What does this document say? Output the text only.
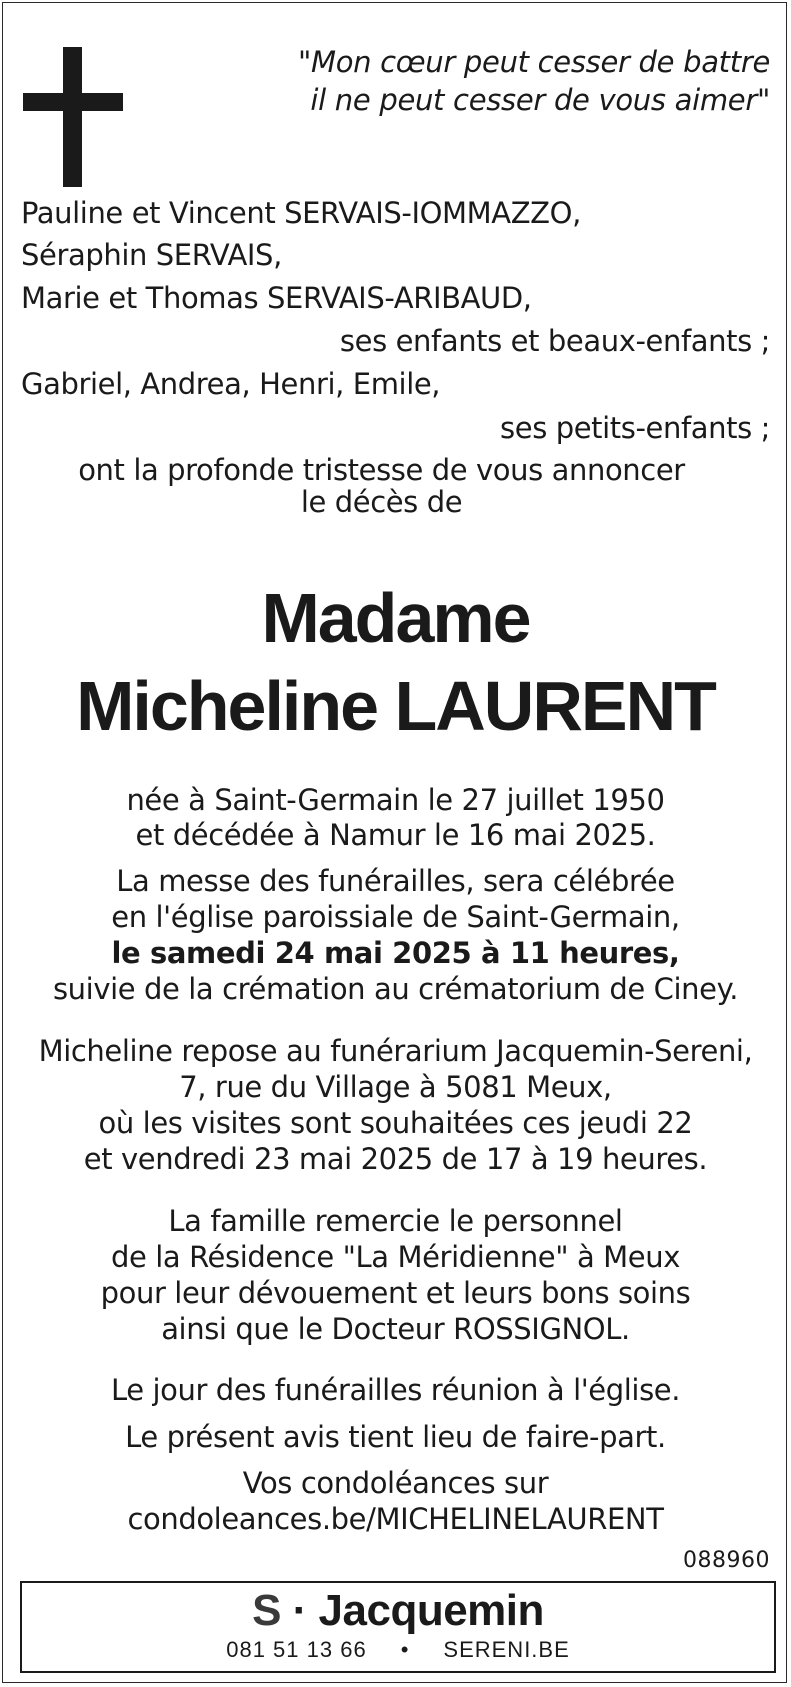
"Mon cœur peut cesser de battre
il ne peut cesser de vous aimer"
Pauline et Vincent SERVAIS-IOMMAZZO,
Séraphin SERVAIS,
Marie et Thomas SERVAIS-ARIBAUD,
ses enfants et beaux-enfants ;
Gabriel, Andrea, Henri, Emile,
ses petits-enfants ;
ont la profonde tristesse de vous annoncer
le décès de
Madame
Micheline LAURENT
née à Saint-Germain le 27 juillet 1950
et décédée à Namur le 16 mai 2025.
La messe des funérailles, sera célébrée
en l'église paroissiale de Saint-Germain,
le samedi 24 mai 2025 à 11 heures,
suivie de la crémation au crématorium de Ciney.
Micheline repose au funérarium Jacquemin-Sereni,
7, rue du Village à 5081 Meux,
où les visites sont souhaitées ces jeudi 22
et vendredi 23 mai 2025 de 17 à 19 heures.
La famille remercie le personnel
de la Résidence "La Méridienne" à Meux
pour leur dévouement et leurs bons soins
ainsi que le Docteur ROSSIGNOL.
Le jour des funérailles réunion à l'église.
Le présent avis tient lieu de faire-part.
Vos condoléances sur
condoleances.be/MICHELINELAURENT
088960
S · Jacquemin
081 51 13 66 • SERENI.BE
